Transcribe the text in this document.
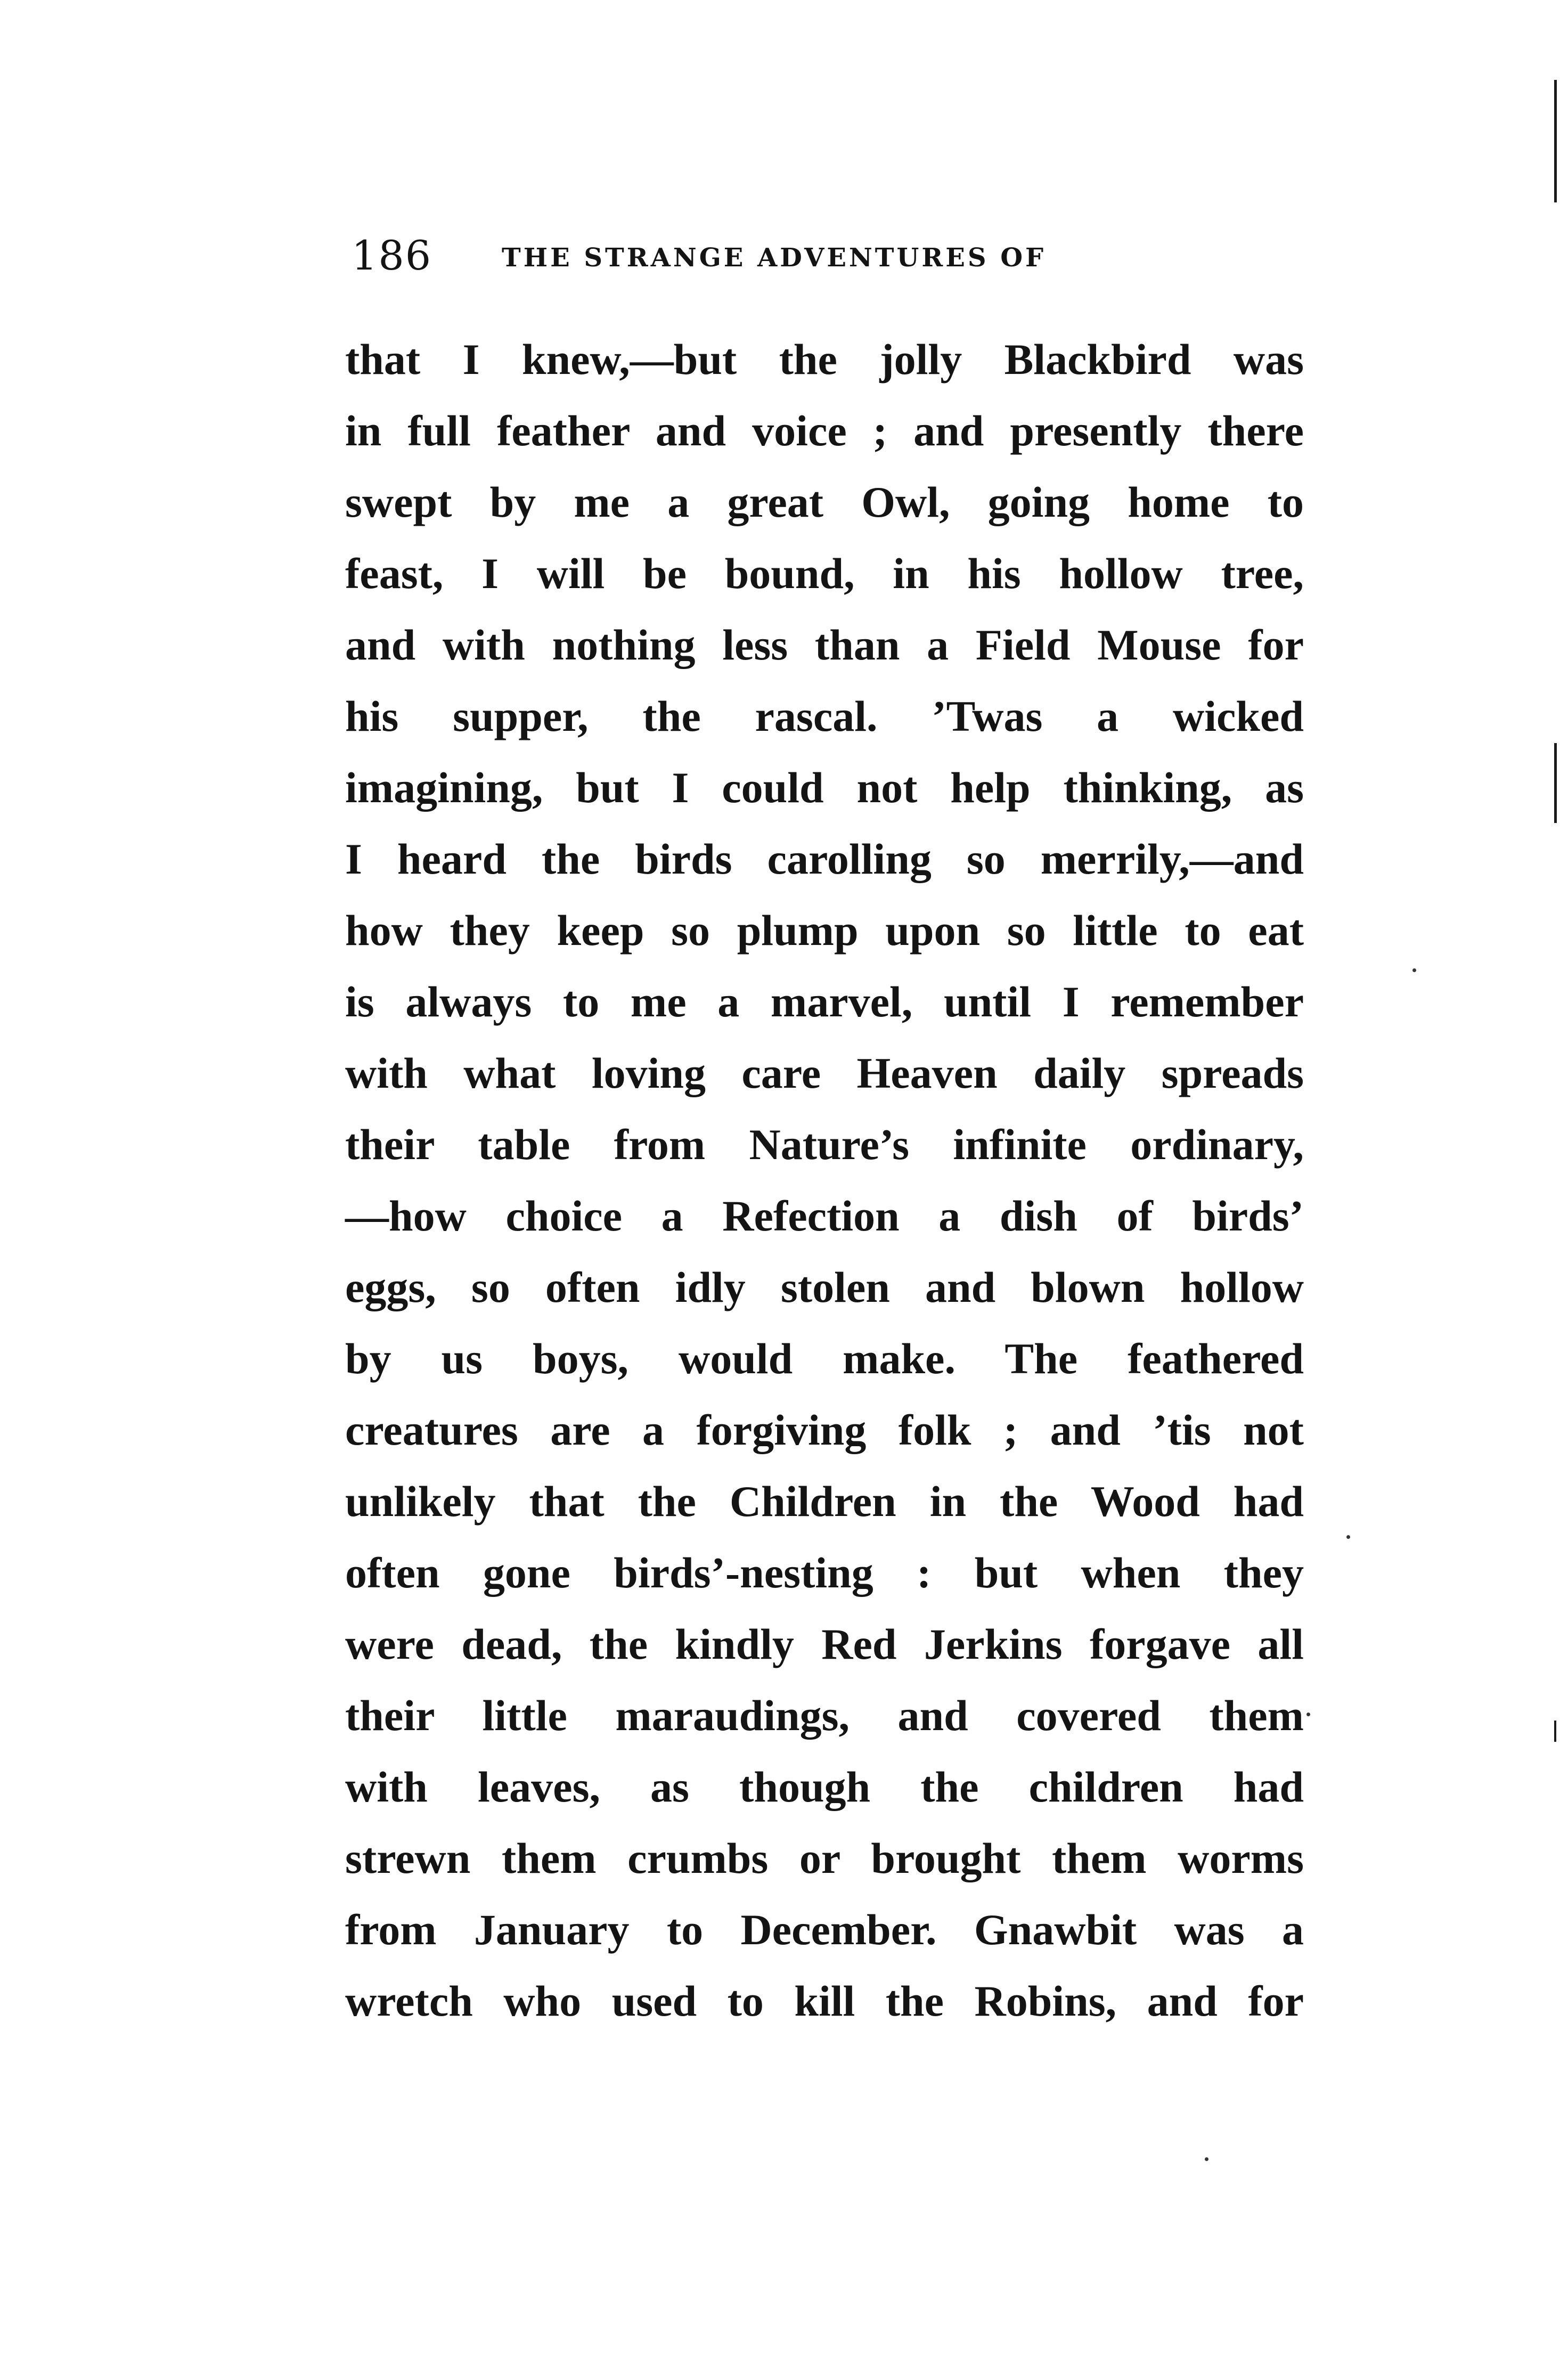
186	THE STRANGE ADVENTURES OF
that I knew,—but the jolly Blackbird was
in full feather and voice ; and presently there
swept by me a great Owl, going home to
feast, I will be bound, in his hollow tree,
and with nothing less than a Field Mouse for
his supper, the rascal. ’Twas a wicked
imagining, but I could not help thinking, as
I heard the birds carolling so merrily,—and
how they keep so plump upon so little to eat
is always to me a marvel, until I remember
with what loving care Heaven daily spreads
their table from Nature’s infinite ordinary,
—how choice a Refection a dish of birds’
eggs, so often idly stolen and blown hollow
by us boys, would make. The feathered
creatures are a forgiving folk ; and ’tis not
unlikely that the Children in the Wood had
often gone birds’-nesting : but when they
were dead, the kindly Red Jerkins forgave all
their little maraudings, and covered them
with leaves, as though the children had
strewn them crumbs or brought them worms
from January to December. Gnawbit was a
wretch who used to kill the Robins, and for
